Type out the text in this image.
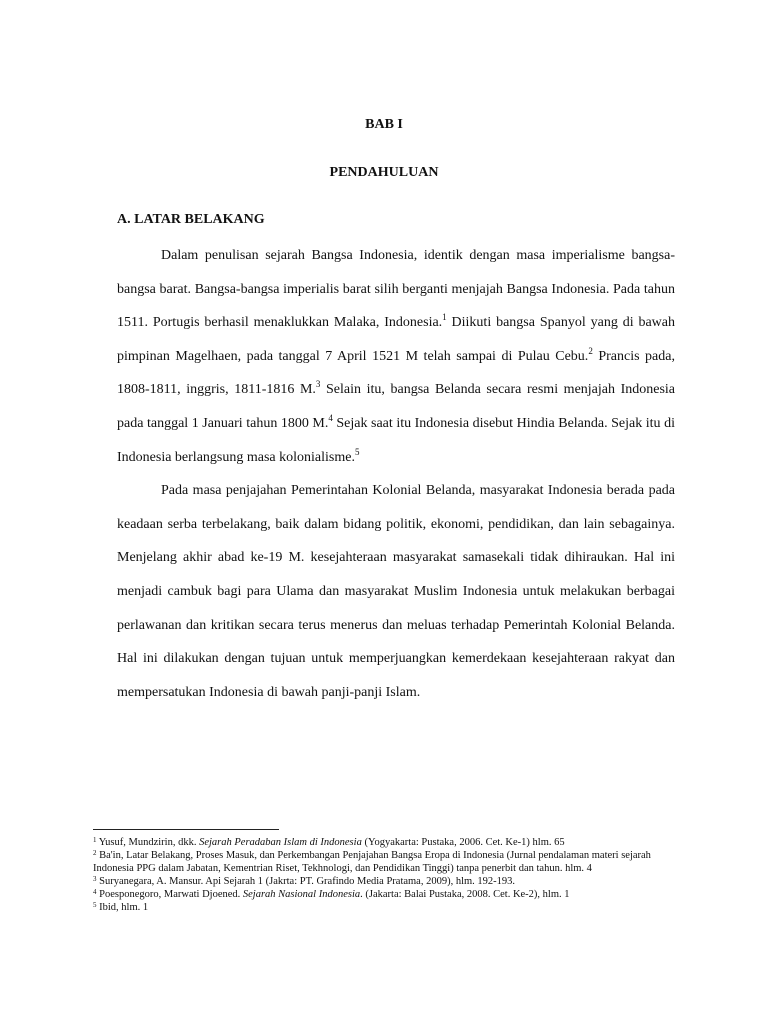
BAB I
PENDAHULUAN
A. LATAR BELAKANG

Dalam penulisan sejarah Bangsa Indonesia, identik dengan masa imperialisme bangsa-bangsa barat. Bangsa-bangsa imperialis barat silih berganti menjajah Bangsa Indonesia. Pada tahun 1511. Portugis berhasil menaklukkan Malaka, Indonesia.$^1$ Diikuti bangsa Spanyol yang di bawah pimpinan Magelhaen, pada tanggal 7 April 1521 M telah sampai di Pulau Cebu.$^2$ Prancis pada, 1808-1811, inggris, 1811-1816 M.$^3$ Selain itu, bangsa Belanda secara resmi menjajah Indonesia pada tanggal 1 Januari tahun 1800 M.$^4$ Sejak saat itu Indonesia disebut Hindia Belanda. Sejak itu di Indonesia berlangsung masa kolonialisme.$^5$

Pada masa penjajahan Pemerintahan Kolonial Belanda, masyarakat Indonesia berada pada keadaan serba terbelakang, baik dalam bidang politik, ekonomi, pendidikan, dan lain sebagainya. Menjelang akhir abad ke-19 M. kesejahteraan masyarakat samasekali tidak dihiraukan. Hal ini menjadi cambuk bagi para Ulama dan masyarakat Muslim Indonesia untuk melakukan berbagai perlawanan dan kritikan secara terus menerus dan meluas terhadap Pemerintah Kolonial Belanda. Hal ini dilakukan dengan tujuan untuk memperjuangkan kemerdekaan kesejahteraan rakyat dan mempersatukan Indonesia di bawah panji-panji Islam.

$^1$ Yusuf, Mundzirin, dkk. Sejarah Peradaban Islam di Indonesia (Yogyakarta: Pustaka, 2006. Cet. Ke-1) hlm. 65

$^2$ Ba'in, Latar Belakang, Proses Masuk, dan Perkembangan Penjajahan Bangsa Eropa di Indonesia (Jurnal pendalaman materi sejarah Indonesia PPG dalam Jabatan, Kementrian Riset, Tekhnologi, dan Pendidikan Tinggi) tanpa penerbit dan tahun. hlm. 4

$^3$ Suryanegara, A. Mansur. Api Sejarah 1 (Jakrta: PT. Grafindo Media Pratama, 2009), hlm. 192-193.

$^4$ Poesponegoro, Marwati Djoened. Sejarah Nasional Indonesia. (Jakarta: Balai Pustaka, 2008. Cet. Ke-2), hlm. 1

$^5$ Ibid, hlm. 1
